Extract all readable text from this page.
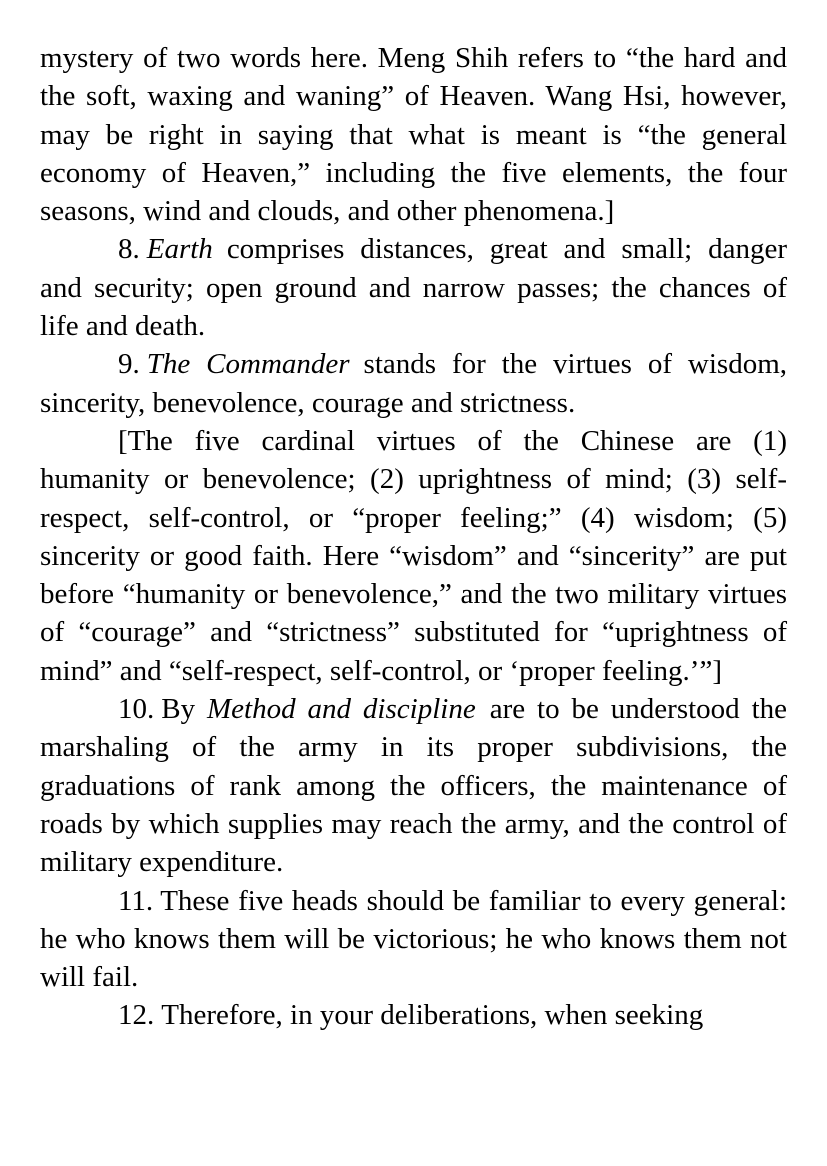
mystery of two words here. Meng Shih refers to “the hard and the soft, waxing and waning” of Heaven. Wang Hsi, however, may be right in saying that what is meant is “the general economy of Heaven,” including the five elements, the four seasons, wind and clouds, and other phenomena.]

8. Earth comprises distances, great and small; danger and security; open ground and narrow passes; the chances of life and death.

9. The Commander stands for the virtues of wisdom, sincerity, benevolence, courage and strictness.

[The five cardinal virtues of the Chinese are (1) humanity or benevolence; (2) uprightness of mind; (3) self-respect, self-control, or “proper feeling;” (4) wisdom; (5) sincerity or good faith. Here “wisdom” and “sincerity” are put before “humanity or benevolence,” and the two military virtues of “courage” and “strictness” substituted for “uprightness of mind” and “self-respect, self-control, or ‘proper feeling.’”]

10. By Method and discipline are to be understood the marshaling of the army in its proper subdivisions, the graduations of rank among the officers, the maintenance of roads by which supplies may reach the army, and the control of military expenditure.

11. These five heads should be familiar to every general: he who knows them will be victorious; he who knows them not will fail.

12. Therefore, in your deliberations, when seeking
